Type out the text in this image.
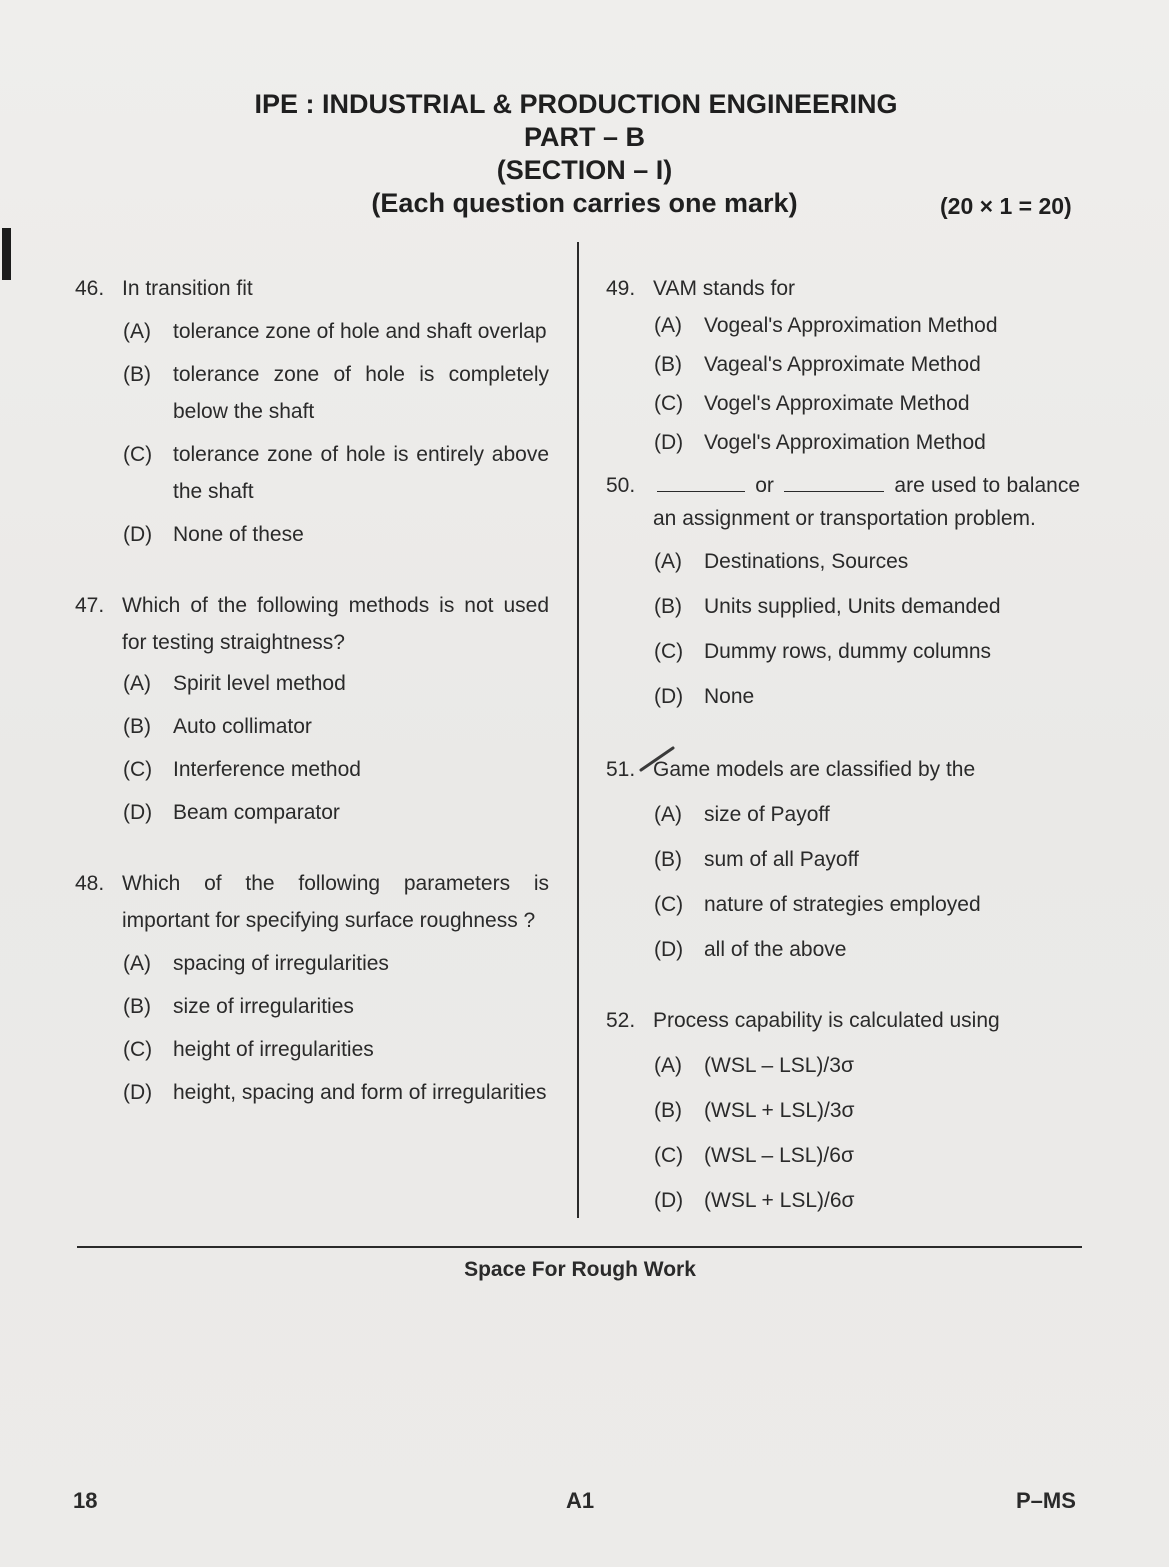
IPE : INDUSTRIAL & PRODUCTION ENGINEERING
PART – B
(SECTION – I)
(Each question carries one mark)	(20 × 1 = 20)
46. In transition fit
(A) tolerance zone of hole and shaft overlap
(B) tolerance zone of hole is completely below the shaft
(C) tolerance zone of hole is entirely above the shaft
(D) None of these
47. Which of the following methods is not used for testing straightness?
(A) Spirit level method
(B) Auto collimator
(C) Interference method
(D) Beam comparator
48. Which of the following parameters is important for specifying surface roughness ?
(A) spacing of irregularities
(B) size of irregularities
(C) height of irregularities
(D) height, spacing and form of irregularities
49. VAM stands for
(A) Vogeal's Approximation Method
(B) Vageal's Approximate Method
(C) Vogel's Approximate Method
(D) Vogel's Approximation Method
50.	or	are used to balance an assignment or transportation problem.
(A) Destinations, Sources
(B) Units supplied, Units demanded
(C) Dummy rows, dummy columns
(D) None
51. Game models are classified by the
(A) size of Payoff
(B) sum of all Payoff
(C) nature of strategies employed
(D) all of the above
52. Process capability is calculated using
(A) (WSL – LSL)/3σ
(B) (WSL + LSL)/3σ
(C) (WSL – LSL)/6σ
(D) (WSL + LSL)/6σ
Space For Rough Work
18	A1	P–MS
